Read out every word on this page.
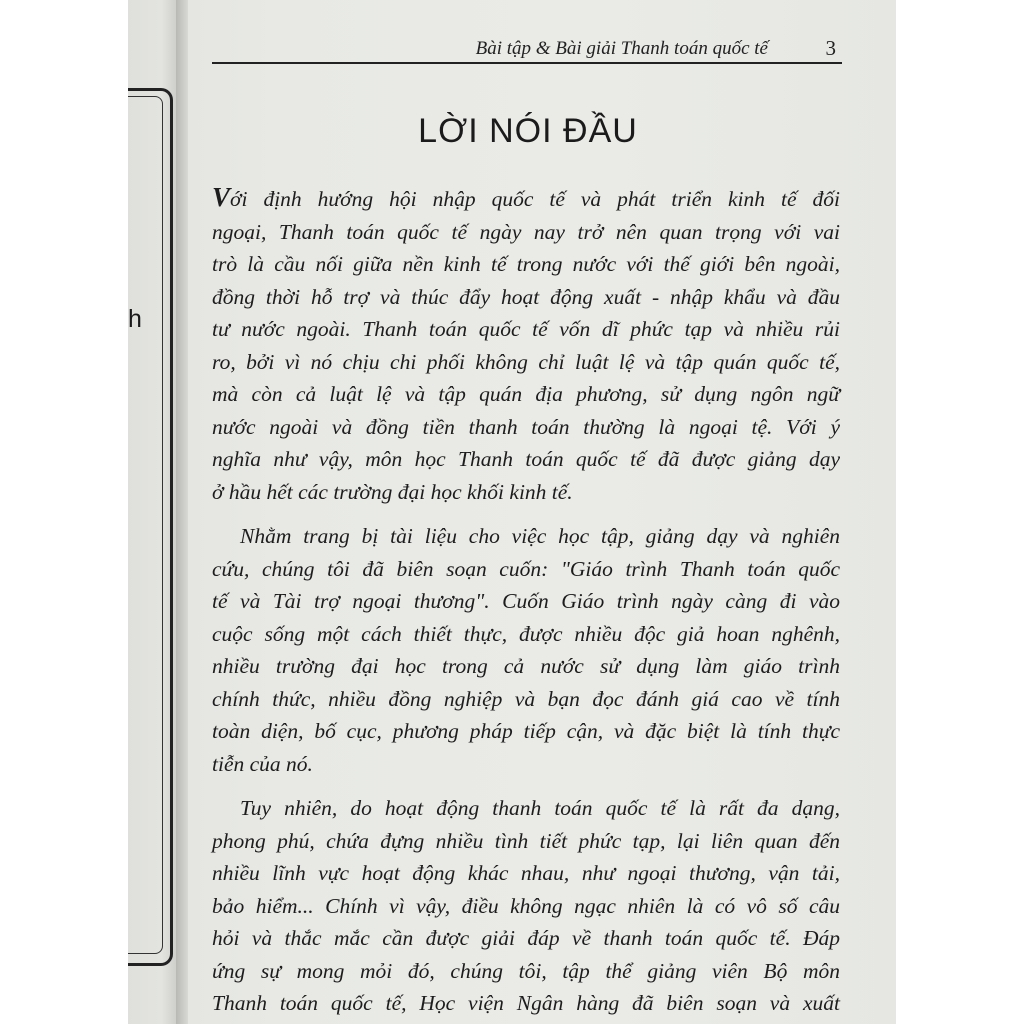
h
Bài tập & Bài giải Thanh toán quốc tế	3
LỜI NÓI ĐẦU
Với định hướng hội nhập quốc tế và phát triển kinh tế đối
ngoại, Thanh toán quốc tế ngày nay trở nên quan trọng với vai
trò là cầu nối giữa nền kinh tế trong nước với thế giới bên ngoài,
đồng thời hỗ trợ và thúc đẩy hoạt động xuất - nhập khẩu và đầu
tư nước ngoài. Thanh toán quốc tế vốn dĩ phức tạp và nhiều rủi
ro, bởi vì nó chịu chi phối không chỉ luật lệ và tập quán quốc tế,
mà còn cả luật lệ và tập quán địa phương, sử dụng ngôn ngữ
nước ngoài và đồng tiền thanh toán thường là ngoại tệ. Với ý
nghĩa như vậy, môn học Thanh toán quốc tế đã được giảng dạy
ở hầu hết các trường đại học khối kinh tế.
Nhằm trang bị tài liệu cho việc học tập, giảng dạy và nghiên
cứu, chúng tôi đã biên soạn cuốn: "Giáo trình Thanh toán quốc
tế và Tài trợ ngoại thương". Cuốn Giáo trình ngày càng đi vào
cuộc sống một cách thiết thực, được nhiều độc giả hoan nghênh,
nhiều trường đại học trong cả nước sử dụng làm giáo trình
chính thức, nhiều đồng nghiệp và bạn đọc đánh giá cao về tính
toàn diện, bố cục, phương pháp tiếp cận, và đặc biệt là tính thực
tiễn của nó.
Tuy nhiên, do hoạt động thanh toán quốc tế là rất đa dạng,
phong phú, chứa đựng nhiều tình tiết phức tạp, lại liên quan đến
nhiều lĩnh vực hoạt động khác nhau, như ngoại thương, vận tải,
bảo hiểm... Chính vì vậy, điều không ngạc nhiên là có vô số câu
hỏi và thắc mắc cần được giải đáp về thanh toán quốc tế. Đáp
ứng sự mong mỏi đó, chúng tôi, tập thể giảng viên Bộ môn
Thanh toán quốc tế, Học viện Ngân hàng đã biên soạn và xuất
